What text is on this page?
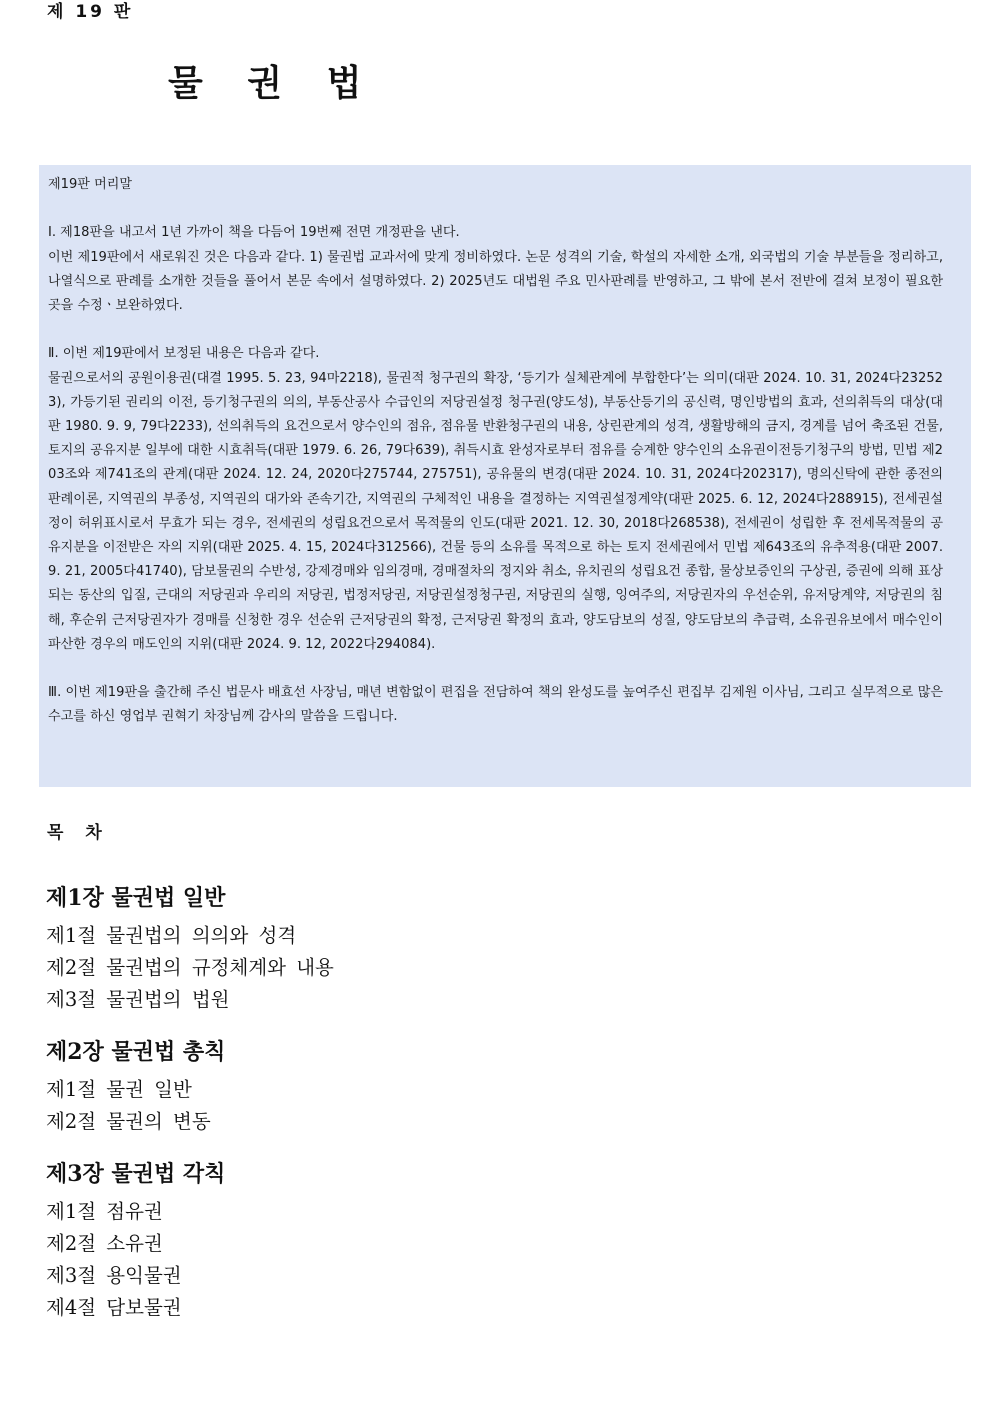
제 19 판
물 권 법

제19판 머리말

Ⅰ. 제18판을 내고서 1년 가까이 책을 다듬어 19번째 전면 개정판을 낸다.

이번 제19판에서 새로워진 것은 다음과 같다. 1) 물권법 교과서에 맞게 정비하였다. 논문 성격의 기술, 학설의 자세한 소개, 외국법의 기술 부분들을 정리하고, 나열식으로 판례를 소개한 것들을 풀어서 본문 속에서 설명하였다. 2) 2025년도 대법원 주요 민사판례를 반영하고, 그 밖에 본서 전반에 걸쳐 보정이 필요한 곳을 수정ㆍ보완하였다.

Ⅱ. 이번 제19판에서 보정된 내용은 다음과 같다.

물권으로서의 공원이용권(대결 1995. 5. 23, 94마2218), 물권적 청구권의 확장, ‘등기가 실체관계에 부합한다’는 의미(대판 2024. 10. 31, 2024다232523), 가등기된 권리의 이전, 등기청구권의 의의, 부동산공사 수급인의 저당권설정 청구권(양도성), 부동산등기의 공신력, 명인방법의 효과, 선의취득의 대상(대판 1980. 9. 9, 79다2233), 선의취득의 요건으로서 양수인의 점유, 점유물 반환청구권의 내용, 상린관계의 성격, 생활방해의 금지, 경계를 넘어 축조된 건물, 토지의 공유지분 일부에 대한 시효취득(대판 1979. 6. 26, 79다639), 취득시효 완성자로부터 점유를 승계한 양수인의 소유권이전등기청구의 방법, 민법 제203조와 제741조의 관계(대판 2024. 12. 24, 2020다275744, 275751), 공유물의 변경(대판 2024. 10. 31, 2024다202317), 명의신탁에 관한 종전의 판례이론, 지역권의 부종성, 지역권의 대가와 존속기간, 지역권의 구체적인 내용을 결정하는 지역권설정계약(대판 2025. 6. 12, 2024다288915), 전세권설정이 허위표시로서 무효가 되는 경우, 전세권의 성립요건으로서 목적물의 인도(대판 2021. 12. 30, 2018다268538), 전세권이 성립한 후 전세목적물의 공유지분을 이전받은 자의 지위(대판 2025. 4. 15, 2024다312566), 건물 등의 소유를 목적으로 하는 토지 전세권에서 민법 제643조의 유추적용(대판 2007. 9. 21, 2005다41740), 담보물권의 수반성, 강제경매와 임의경매, 경매절차의 정지와 취소, 유치권의 성립요건 종합, 물상보증인의 구상권, 증권에 의해 표상되는 동산의 입질, 근대의 저당권과 우리의 저당권, 법정저당권, 저당권설정청구권, 저당권의 실행, 잉여주의, 저당권자의 우선순위, 유저당계약, 저당권의 침해, 후순위 근저당권자가 경매를 신청한 경우 선순위 근저당권의 확정, 근저당권 확정의 효과, 양도담보의 성질, 양도담보의 추급력, 소유권유보에서 매수인이 파산한 경우의 매도인의 지위(대판 2024. 9. 12, 2022다294084).

Ⅲ. 이번 제19판을 출간해 주신 법문사 배효선 사장님, 매년 변함없이 편집을 전담하여 책의 완성도를 높여주신 편집부 김제원 이사님, 그리고 실무적으로 많은 수고를 하신 영업부 권혁기 차장님께 감사의 말씀을 드립니다.

목 차

제1장 물권법 일반

제1절 물권법의 의의와 성격

제2절 물권법의 규정체계와 내용

제3절 물권법의 법원

제2장 물권법 총칙

제1절 물권 일반

제2절 물권의 변동

제3장 물권법 각칙

제1절 점유권

제2절 소유권

제3절 용익물권

제4절 담보물권
